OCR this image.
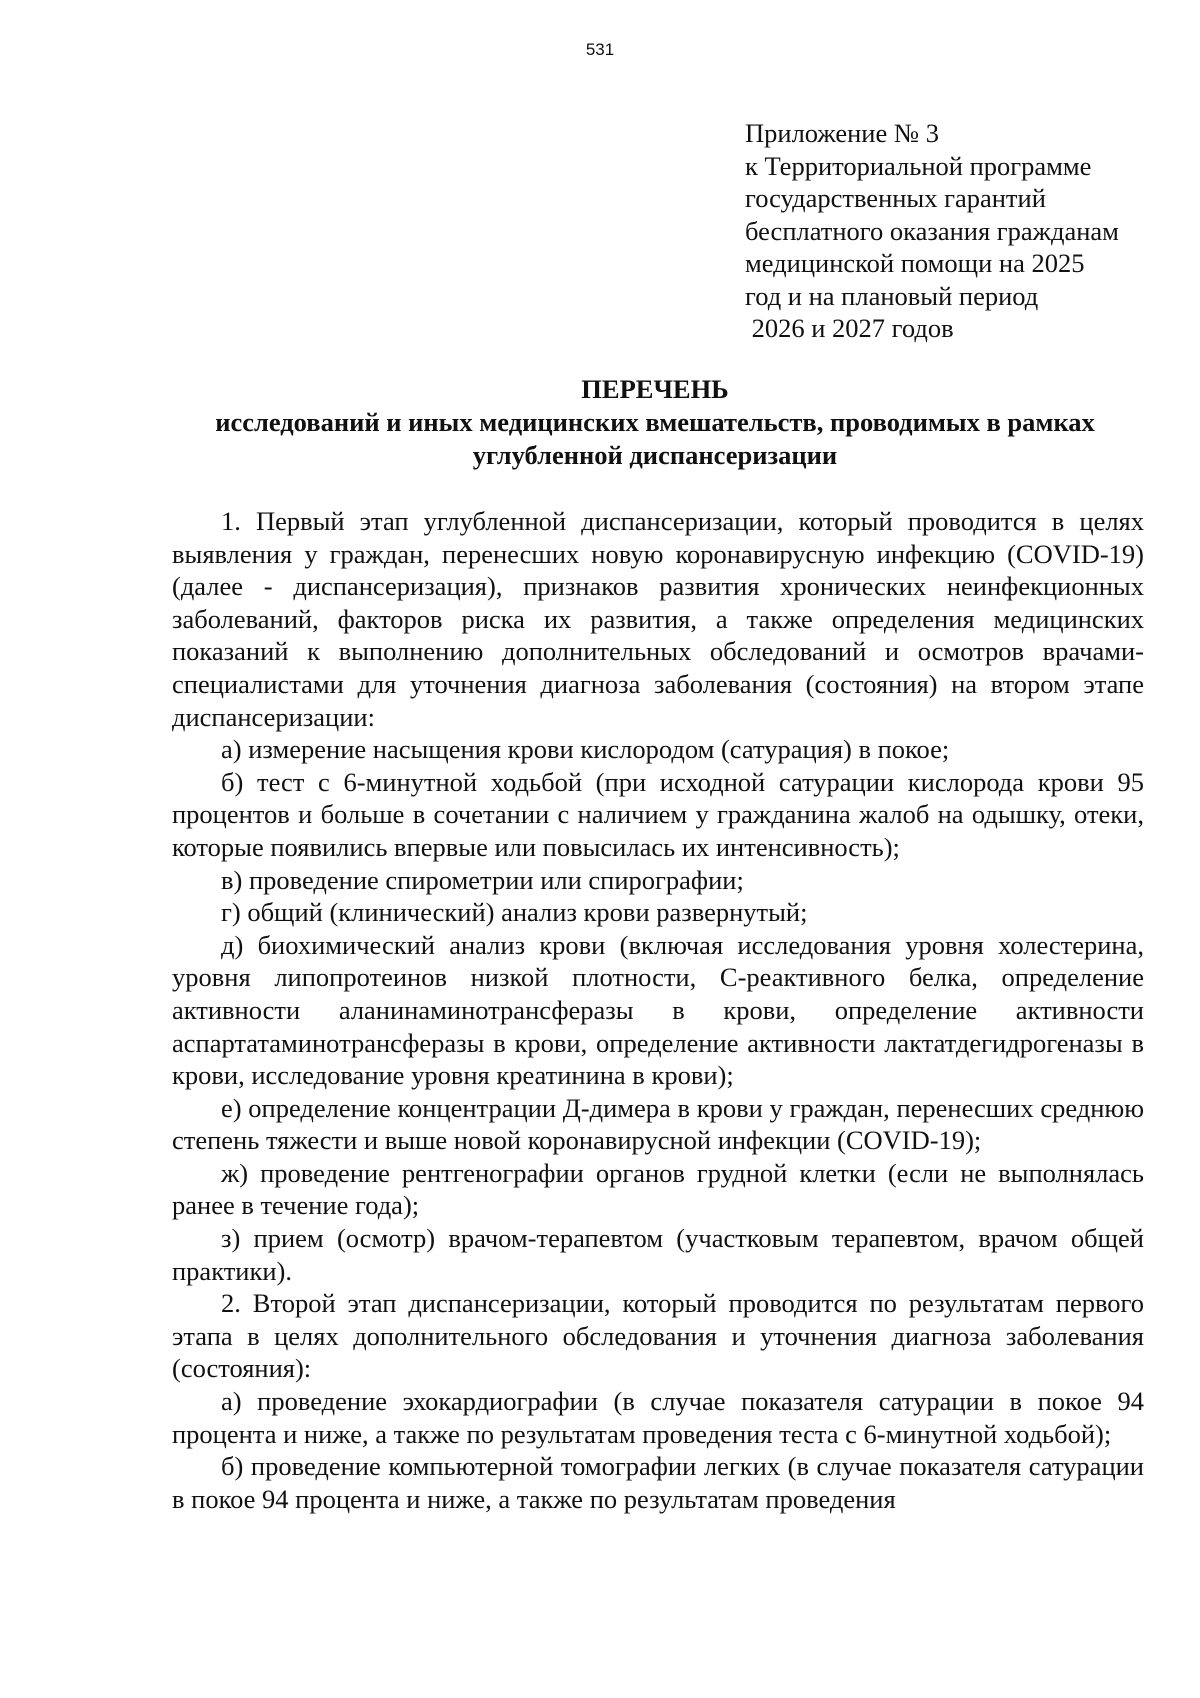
531
Приложение № 3
к Территориальной программе
государственных гарантий
бесплатного оказания гражданам
медицинской помощи на 2025
год и на плановый период
2026 и 2027 годов
ПЕРЕЧЕНЬ
исследований и иных медицинских вмешательств, проводимых в рамках
углубленной диспансеризации

1. Первый этап углубленной диспансеризации, который проводится в целях выявления у граждан, перенесших новую коронавирусную инфекцию (COVID-19) (далее - диспансеризация), признаков развития хронических неинфекционных заболеваний, факторов риска их развития, а также определения медицинских показаний к выполнению дополнительных обследований и осмотров врачами-специалистами для уточнения диагноза заболевания (состояния) на втором этапе диспансеризации:

а) измерение насыщения крови кислородом (сатурация) в покое;

б) тест с 6-минутной ходьбой (при исходной сатурации кислорода крови 95 процентов и больше в сочетании с наличием у гражданина жалоб на одышку, отеки, которые появились впервые или повысилась их интенсивность);

в) проведение спирометрии или спирографии;

г) общий (клинический) анализ крови развернутый;

д) биохимический анализ крови (включая исследования уровня холестерина, уровня липопротеинов низкой плотности, С-реактивного белка, определение активности аланинаминотрансферазы в крови, определение активности аспартатаминотрансферазы в крови, определение активности лактатдегидрогеназы в крови, исследование уровня креатинина в крови);

е) определение концентрации Д-димера в крови у граждан, перенесших среднюю степень тяжести и выше новой коронавирусной инфекции (COVID-19);

ж) проведение рентгенографии органов грудной клетки (если не выполнялась ранее в течение года);

з) прием (осмотр) врачом-терапевтом (участковым терапевтом, врачом общей практики).

2. Второй этап диспансеризации, который проводится по результатам первого этапа в целях дополнительного обследования и уточнения диагноза заболевания (состояния):

а) проведение эхокардиографии (в случае показателя сатурации в покое 94 процента и ниже, а также по результатам проведения теста с 6-минутной ходьбой);

б) проведение компьютерной томографии легких (в случае показателя сатурации в покое 94 процента и ниже, а также по результатам проведения
